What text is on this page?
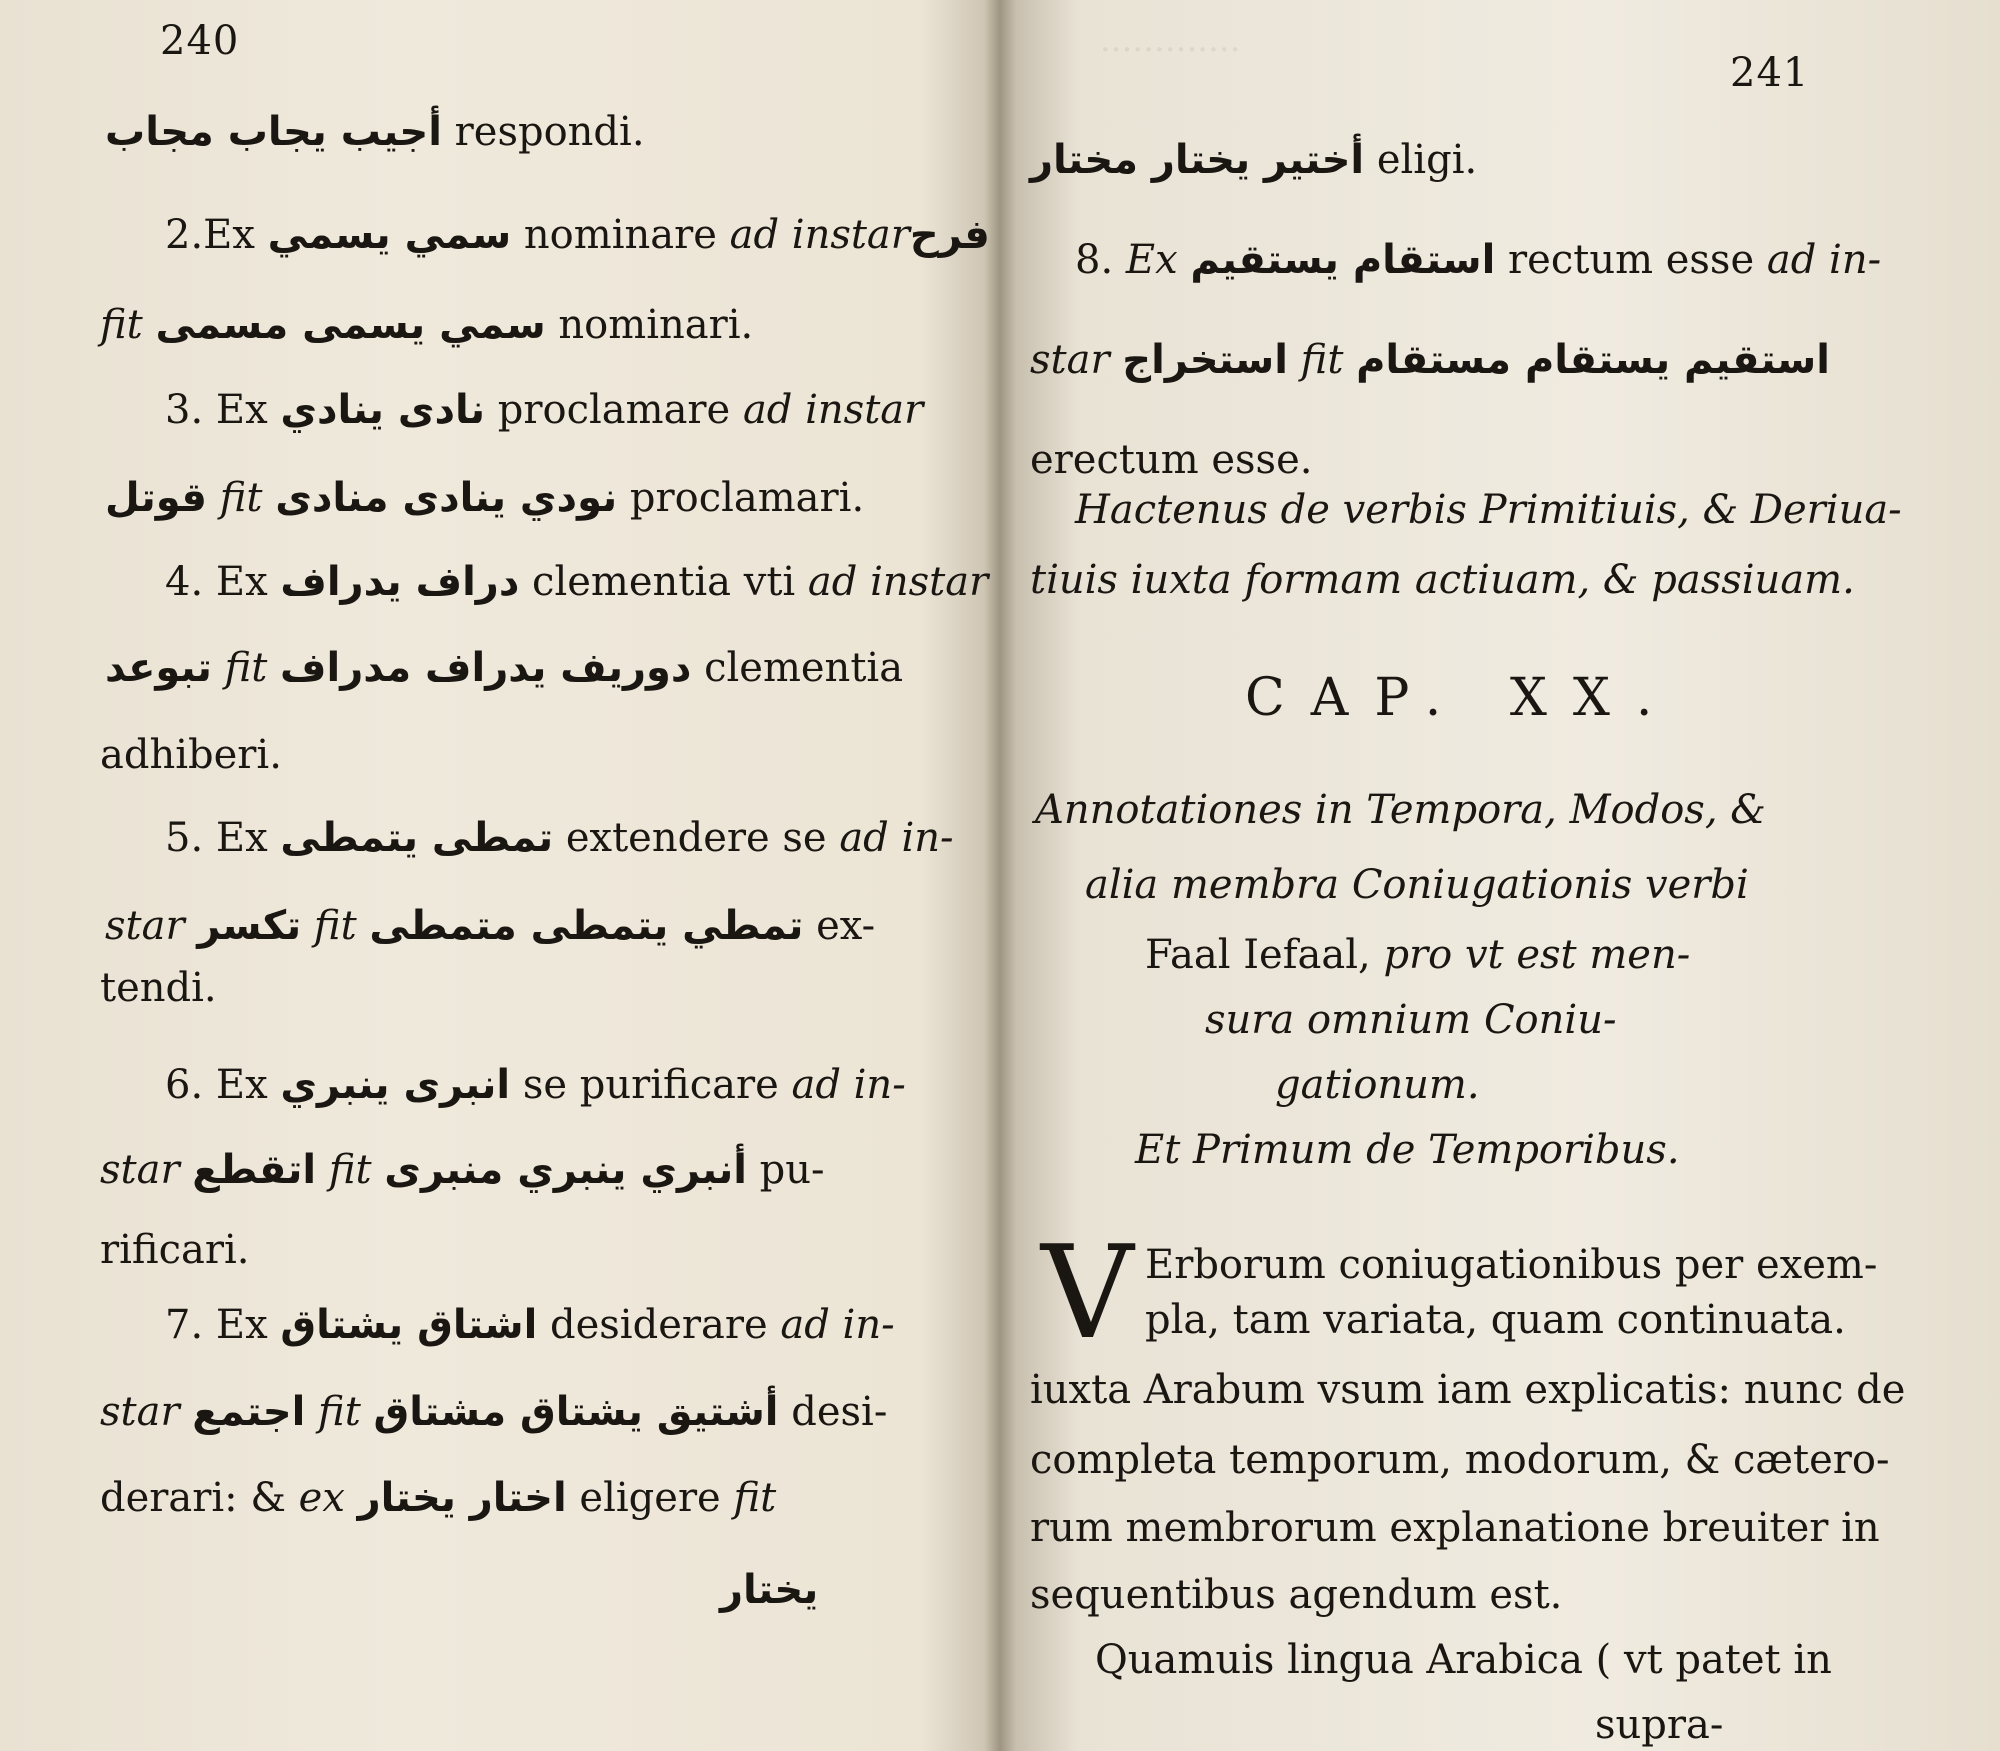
·············
240
أجيب يجاب مجاب respondi.
2.Ex سمي يسمي nominare ad instar فرح
fit سمي يسمى مسمى nominari.
3. Ex نادى ينادي proclamare ad instar
قوتل fit نودي ينادى منادى proclamari.
4. Ex دراف يدراف clementia vti ad instar
تبوعد fit دوريف يدراف مدراف clementia
adhiberi.
5. Ex تمطى يتمطى extendere se ad in-
star تكسر fit تمطي يتمطى متمطى ex-
tendi.
6. Ex انبرى ينبري se purificare ad in-
star اتقطع fit أنبري ينبري منبرى pu-
rificari.
7. Ex اشتاق يشتاق desiderare ad in-
star اجتمع fit أشتيق يشتاق مشتاق desi-
derari: & ex اختار يختار eligere fit
يختار
241
CAP. XX.
V
أختير يختار مختار eligi.
8. Ex استقام يستقيم rectum esse ad in-
star استخراج fit استقيم يستقام مستقام
erectum esse.
Hactenus de verbis Primitiuis, & Deriua-
tiuis iuxta formam actiuam, & passiuam.
Annotationes in Tempora, Modos, &
alia membra Coniugationis verbi
Faal Iefaal, pro vt est men-
sura omnium Coniu-
gationum.
Et Primum de Temporibus.
Erborum coniugationibus per exem-
pla, tam variata, quam continuata.
iuxta Arabum vsum iam explicatis: nunc de
completa temporum, modorum, & cætero-
rum membrorum explanatione breuiter in
sequentibus agendum est.
Quamuis lingua Arabica ( vt patet in
supra-
